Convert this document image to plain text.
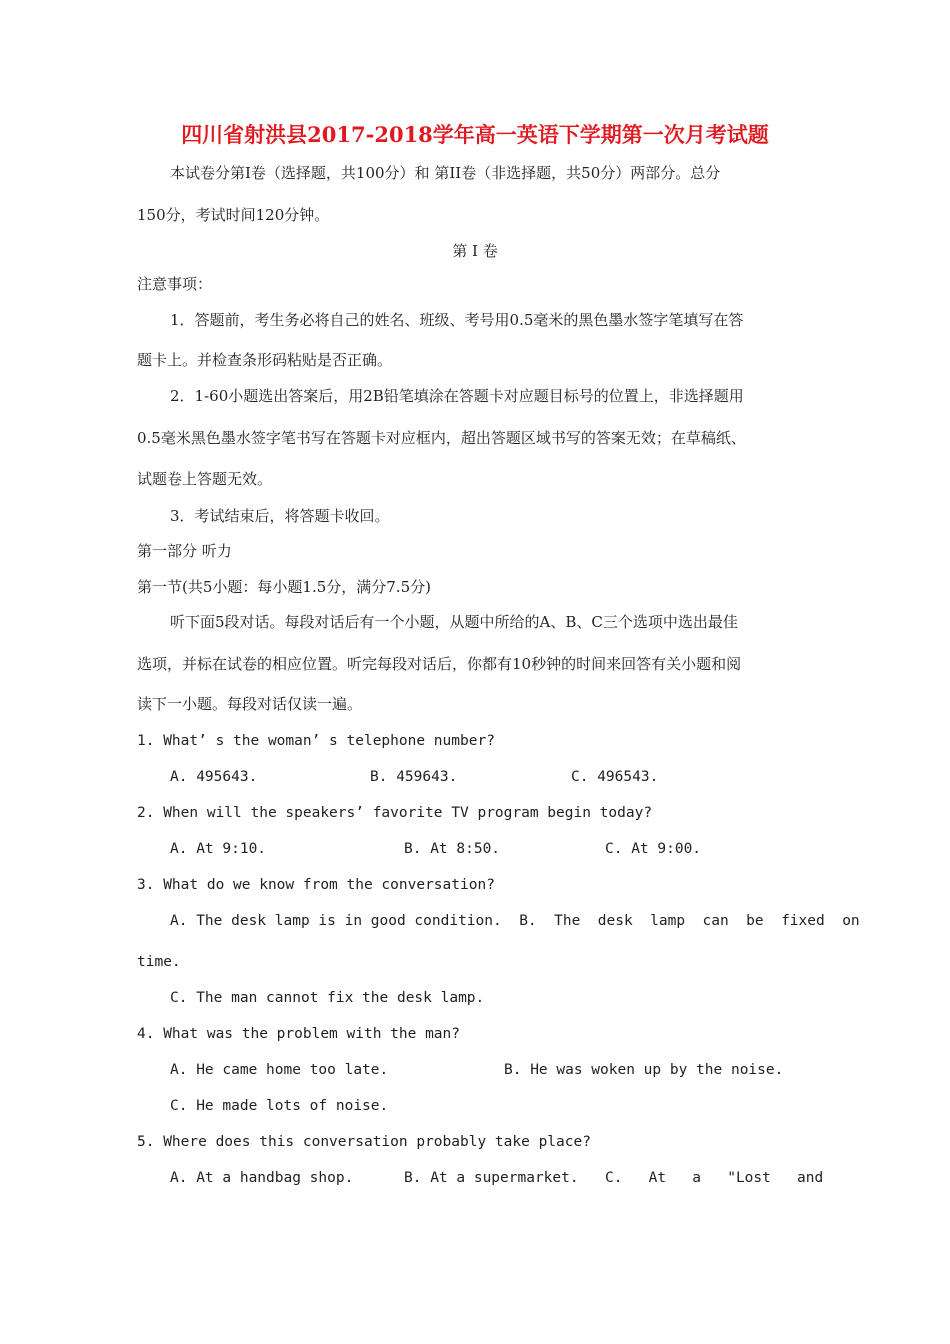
四川省射洪县2017-2018学年高一英语下学期第一次月考试题
本试卷分第Ⅰ卷（选择题，共100分）和 第II卷（非选择题，共50分）两部分。总分
150分，考试时间120分钟。
第 Ⅰ 卷
注意事项：
1．答题前，考生务必将自己的姓名、班级、考号用0.5毫米的黑色墨水签字笔填写在答
题卡上。并检查条形码粘贴是否正确。
2．1-60小题选出答案后，用2B铅笔填涂在答题卡对应题目标号的位置上，非选择题用
0.5毫米黑色墨水签字笔书写在答题卡对应框内，超出答题区域书写的答案无效；在草稿纸、
试题卷上答题无效。
3．考试结束后，将答题卡收回。
第一部分 听力
第一节(共5小题：每小题1.5分，满分7.5分)
听下面5段对话。每段对话后有一个小题，从题中所给的A、B、C三个选项中选出最佳
选项，并标在试卷的相应位置。听完每段对话后，你都有10秒钟的时间来回答有关小题和阅
读下一小题。每段对话仅读一遍。
1. What’ s the woman’ s telephone number?
A. 495643.	B. 459643.	C. 496543.
2. When will the speakers’ favorite TV program begin today?
A. At 9:10.	B. At 8:50.	C. At 9:00.
3. What do we know from the conversation?
A. The desk lamp is in good condition.  B.  The  desk  lamp  can  be  fixed  on
time.
C. The man cannot fix the desk lamp.
4. What was the problem with the man?
A. He came home too late.	B. He was woken up by the noise.
C. He made lots of noise.
5. Where does this conversation probably take place?
A. At a handbag shop.	B. At a supermarket. C.   At   a   "Lost   and
